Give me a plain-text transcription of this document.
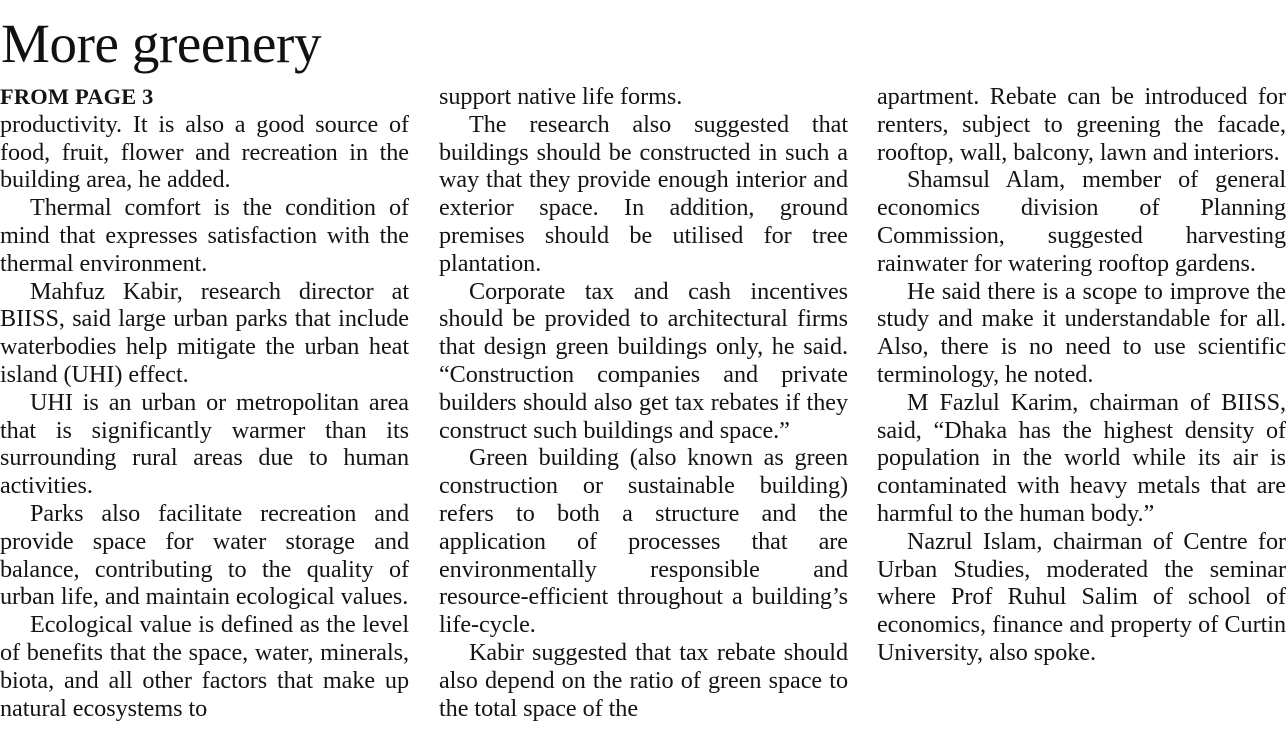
More greenery
FROM PAGE 3

productivity. It is also a good source of food, fruit, flower and recreation in the building area, he added.

Thermal comfort is the condition of mind that expresses satisfaction with the thermal environment.

Mahfuz Kabir, research director at BIISS, said large urban parks that include waterbodies help mitigate the urban heat island (UHI) effect.

UHI is an urban or metropolitan area that is significantly warmer than its surrounding rural areas due to human activities.

Parks also facilitate recreation and provide space for water storage and balance, contributing to the quality of urban life, and maintain ecological values.

Ecological value is defined as the level of benefits that the space, water, minerals, biota, and all other factors that make up natural ecosystems to

support native life forms.

The research also suggested that buildings should be constructed in such a way that they provide enough interior and exterior space. In addition, ground premises should be utilised for tree plantation.

Corporate tax and cash incentives should be provided to architectural firms that design green buildings only, he said. “Construction companies and private builders should also get tax rebates if they construct such buildings and space.”

Green building (also known as green construction or sustainable building) refers to both a structure and the application of processes that are environmentally responsible and resource-efficient throughout a building’s life-cycle.

Kabir suggested that tax rebate should also depend on the ratio of green space to the total space of the

apartment. Rebate can be introduced for renters, subject to greening the facade, rooftop, wall, balcony, lawn and interiors.

Shamsul Alam, member of general economics division of Planning Commission, suggested harvesting rainwater for watering rooftop gardens.

He said there is a scope to improve the study and make it understandable for all. Also, there is no need to use scientific terminology, he noted.

M Fazlul Karim, chairman of BIISS, said, “Dhaka has the highest density of population in the world while its air is contaminated with heavy metals that are harmful to the human body.”

Nazrul Islam, chairman of Centre for Urban Studies, moderated the seminar where Prof Ruhul Salim of school of economics, finance and property of Curtin University, also spoke.
